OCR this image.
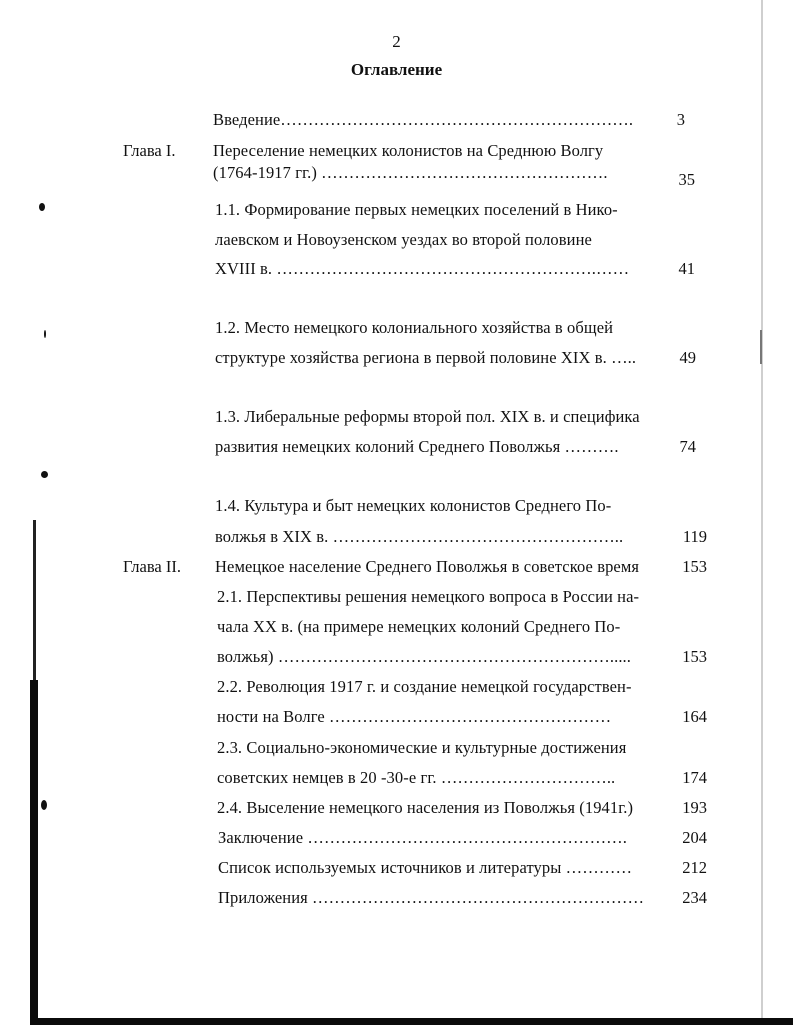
2
Оглавление
Введение……………………………………………………….	3
Глава I. Переселение немецких колонистов на Среднюю Волгу
(1764-1917 гг.) …………………………………………….	35
1.1. Формирование первых немецких поселений в Нико-
лаевском и Новоузенском уездах во второй половине
XVIII в. ………………………………………………….……	41
1.2. Место немецкого колониального хозяйства в общей
структуре хозяйства региона в первой половине XIX в. …..	49
1.3. Либеральные реформы второй пол. XIX в. и специфика
развития немецких колоний Среднего Поволжья ……….	74
1.4. Культура и быт немецких колонистов Среднего По-
волжья в XIX в. ……………………………………………..	119
Глава II. Немецкое население Среднего Поволжья в советское время	153
2.1. Перспективы решения немецкого вопроса в России на-
чала XX в. (на примере немецких колоний Среднего По-
волжья) …………………………………………………….....	153
2.2. Революция 1917 г. и создание немецкой государствен-
ности на Волге ……………………………………………	164
2.3. Социально-экономические и культурные достижения
советских немцев в 20 -30-е гг. …………………………..	174
2.4. Выселение немецкого населения из Поволжья (1941г.)	193
Заключение ………………………………………………….	204
Список используемых источников и литературы …………	212
Приложения ……………………………………………………	234
